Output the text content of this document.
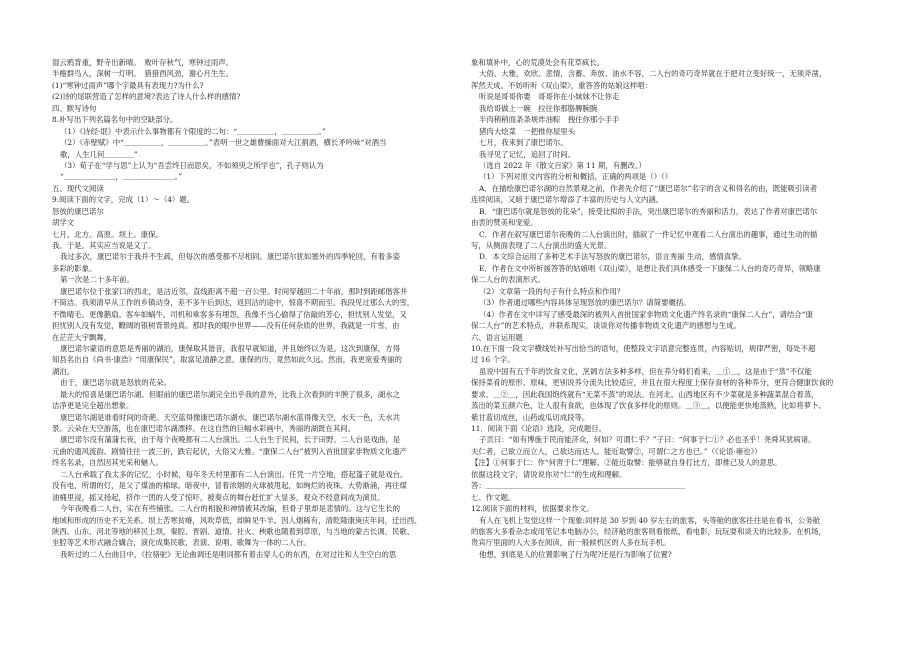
湿云鸦背重，野寺出新晴。　败叶存秋气，寒钟过雨声。
半檐群鸟入，深树一灯明。　猎猎西风劲，谢心月生生。
(1)“寒钟过雨声”哪个字最具有表现力?为什么?
(2)诗的尾联营造了怎样的意境?表达了诗人什么样的感情?
四、默写诗句
8.补写出下列名篇名句中的空缺部分。
（1）《诗经·氓》中表示什么事物都有个限度的二句：“＿＿＿＿＿，＿＿＿＿＿。”
（2）《赤壁赋》中“＿＿＿＿＿，＿＿＿＿＿。”表明一世之雄曹操面对大江捐酒，横长矛吟咏“对酒当
歌，人生几何＿＿＿＿”
（3）荀子在“学与思”上认为“吾尝终日而思矣，不如须臾之所学也”，孔子则认为
“＿＿＿＿＿＿＿，＿＿＿＿＿＿＿。”
五、现代文阅读
9.阅读下面的文字，完成（1）～（4）题。
怒放的康巴诺尔
胡学文
七月。北方。高原。坝上。康保。
我。于是。其实应当说是又了。
我过多次，康巴诺尔于我并不生疏，但每次的感受都不尽相同。康巴诺尔犹如塞外的四季轮回，有着多姿
多彩的影象。
第一次是二十多年前。
康巴诺尔位于张家口的西北，是沽近邻，直线距离不超一百公里。时间穿越回二十年前，那时到距邮偕客并
不简洁。我须清早从工作的乡镇动身，差不多午后到达，返回沽的途中，惊喜不期而至。我段见过那么大的雪，
不微晴毛。更像鹅扇。客车如蜗牛，司机和乘客多有埋怨，我像不当心偷得了估敲的芳心，担忧别人发觉，又
担忧别人没有发觉，瞭阔的银树背景纯真。那时我的眼中世界——没有任何杂质的世界，我就是一片雪，由
在茫茫大宇飘舞。
康巴诺尔蒙语的意思是秀丽的湖泊，康保取其谐音，我很早就知道，并且始终以为是。这次到康保，方得
知县名出自《尚书·康浩》“用康保民”，取富足清静之意。康保的历，竟然如此久远。然而，我更宽爱秀丽的
湖泊。
由于，康巴诺尔就是怒放的花朵。
最大的惊喜是康巴诺尔湖。但眼前的康巴诺尔湖完全出乎我的意外，比我上次看到的丰腴了很多，湖水之
洁净更是完全超出想象。
康巴诺尔湖是谁看时间的奇葩。天空蓝得像康巴诺尔湖水，康巴诺尔湖水蓝得像天空，水天一色，天水共
景。云朵在天空游荡，也在康巴诺尔湖漂移。在这自然的巨幅水彩画中，秀丽的湖既在其间。
康巴诺尔没有蒲蒲长夜，由于每个夜晚都有二人台演出。二人台生于民间，长于田野。二人台是戏曲，是
元曲的遗风流韵。剧情往往一波三折，跌宕起伏，大俗又大雅。“康保二人台”被列入首批国家非物质文化遗产
终名名录，自然因其光采和魅人。
二人台承载了我太多的记忆，小时候，每年冬天村里都有二人台演出。任凭一片空地，搭起篷子就是戏台。
没有电，所谓的灯，是父了煤油的棉球。暗夜中，冒着浓烟的火球被甩起，如绚烂的夜珠。大势渐涌，再往煤
油桶里浸，摇又扬起，挤作一团的人受了惊吓，被奏点的舞台赶忙扩大显多，观众不经意间成为演员。
今年夜晚看二人台，实在有些铺张。二人台的相貌和神情被其改编，但骨子里却是悲情的。这与它生长的
地域和形成的历史不无关系。坝上苦寒贫瘠，风吹草低，却鲜见牛羊。因人烟稀有，清乾隆康庚庆年间，迁出西、
陕西、山东、河北等地的移民上坝，秦腔、晋剧、道情、社火、秧歌也随着到草原，与当地的蒙古长调、民歌、
坐腔等艺术形式融合媾合，演化成集民歌、表演、说唱、歌舞为一体的二人台。
我听过的二人台曲目中，《拉骆驼》无论曲调还是唱词都有着击穿人心的东西，在对过往和人生空白的思
象和填补中，心的荒漠处会有花草疯长。
大俗、大雅，欢欣、悲情，含蓄、奔放、油水不容，二人台的奇巧奇异就在于把对立变好统一，无须斧凿，
浑然天成。不妨听听《双山梁》，重答答的姑娘这样唱：
听说是哥哥你要　哥哥你在小妹妹不让你走
我给哥做上一碗　拉住你那胳膊腕腕
半肉稍稍面条条规炸油粽　拽住你那小手手
猪肉大烩菜　一把推你屋里头
七月，我来到了康巴诺尔。
我寻见了记忆，追回了时间。
（选自 2022 年《散文百家》第 11 期，有删改。）
（1）下列对原文内容的分析和概括，正确的两项是（）（）
A．在描绘康巴诺尔湖的自然景观之前，作者先介绍了“康巴诺尔”名字的含义和得名的由，既能吸引读者
连续阅读，又暗于康巴诺尔增添了丰富的历史与人文内涵。
B．“康巴诺尔就是怒放的花朵”，接受比拟的手法，突出康巴诺尔的秀丽和活力，表达了作者对康巴诺尔
由衷的赞美和宠爱。
C．作者在叙写康巴诺尔夜晚的二人台演出时，插叙了一件记忆中观看二人台演出的趣事，通过生动的描
写，从侧面表现了二人台演出的盛大光景。
D．本文综合运用了多种艺术手法写怒放的康巴诺尔，语言秀丽 生动，感情真挚。
E．作者在文中所析援答答的姑娘唱《双山梁》，是想让我们具体感受一下康保二人台的奇巧奇异，领略康
保二人台的表演形式。
（2）文章第一段的句子有什么特点和作用？
（3）作者通过哪些内容具体呈现怒放的康巴诺尔？请简要概括。
（4）作者在文中详写了感受最深的被列入首批国家非物质文化遗产终名录的“康保二人台”，请结合“康
保二人台”的艺术特点，并联系现实，谈谈你对传播非物质文化遗产的感想与生成。
六、语言运用题
10.在下面一段文字横线处补写出恰当的语句，使整段文字语意完整连贯，内容贴切，规律严密，每处不超
过 16 个字。
虽说中国有五千年的饮食文化，烹调方法多种多样，但在养分师们看来，＿①＿，这是由于“蒸”不仅能
保持菜肴的原形、原味，更别说养分流失比较适应，并且在很大程度上保存食材的各种养分，更符合健康饮食的
要求。＿②＿，因此我国饱终就有“无菜不蒸”的说法。在河北、山西地区有不少菜就是多种蔬菜混合着蒸，
蒸出的菜五颜六色，让人很有食欲，也体现了饮食多样化的原则。＿③＿，以便能更快地蒸熟，比如将萝卜、
紫甘蓝切成丝，山药或瓜切成段等。
11．阅读下面《论语》选段，完成题目。
子贡曰：“如有博施于民而能济众，何如？可谓仁乎？”子曰：“何事于仁①？必也圣乎！尧舜其犹病诸。
夫仁者，己欲立而立人，己欲达而达人。能近取譬②，可谓仁之方也已。”（《论语·雍也》）
【注】①何事于仁：作“何啻于仁”理解。②能近取譬：能够就自身打比方，即推己及人的意思。
依据这段文字，请说说你对“仁”的生成和理解。
答：＿＿＿＿＿＿＿＿＿＿＿＿＿＿＿＿＿＿＿＿＿＿＿＿＿＿＿
七、作文题。
12.阅读下面的材料，依据要求作文。
有人在飞机上发觉这样一个现象:同样是 30 岁到 40 岁左右的旅客，头等舱的旅客往往是在看书，公务舱
的旅客大多看杂志或用笔记本电脑办公，经济舱的旅客则看报纸，看电影，玩玩耍和谈天的比较多。在机场，
贵宾厅里面的人大多在阅读，而一般候机区的人多在玩手机。
他想，到底是人的位置影响了行为呢?还是行为影响了位置?
